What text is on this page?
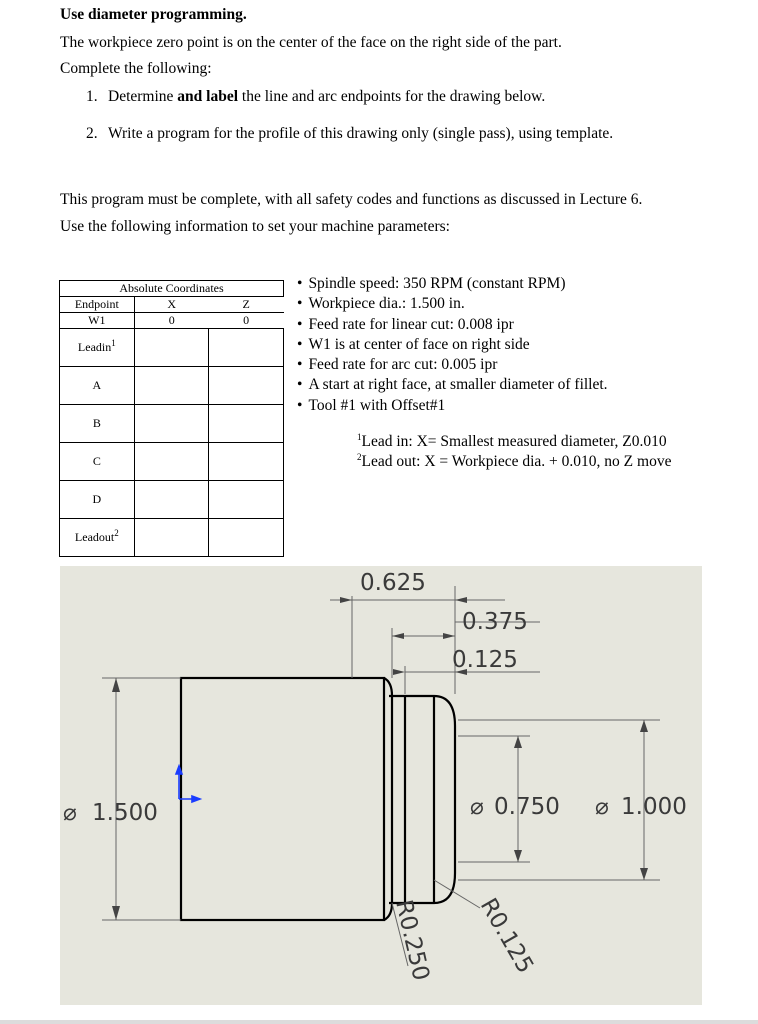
Use diameter programming.
The workpiece zero point is on the center of the face on the right side of the part.
Complete the following:
1. Determine and label the line and arc endpoints for the drawing below.
2. Write a program for the profile of this drawing only (single pass), using template.
This program must be complete, with all safety codes and functions as discussed in Lecture 6.
Use the following information to set your machine parameters:
Absolute Coordinates		
Endpoint	X	Z
W1	0	0
Leadin$^1$		
A		
B		
C		
D		
Leadout$^2$		
• Spindle speed: 350 RPM (constant RPM)
• Workpiece dia.: 1.500 in.
• Feed rate for linear cut: 0.008 ipr
• W1 is at center of face on right side
• Feed rate for arc cut: 0.005 ipr
• A start at right face, at smaller diameter of fillet.
• Tool #1 with Offset#1
$^1$Lead in: X= Smallest measured diameter, Z0.010
$^2$Lead out: X = Workpiece dia. + 0.010, no Z move
0.625
0.375
0.125
⌀ 1.500	⌀ 0.750 ⌀ 1.000
R0.250 R0.125
